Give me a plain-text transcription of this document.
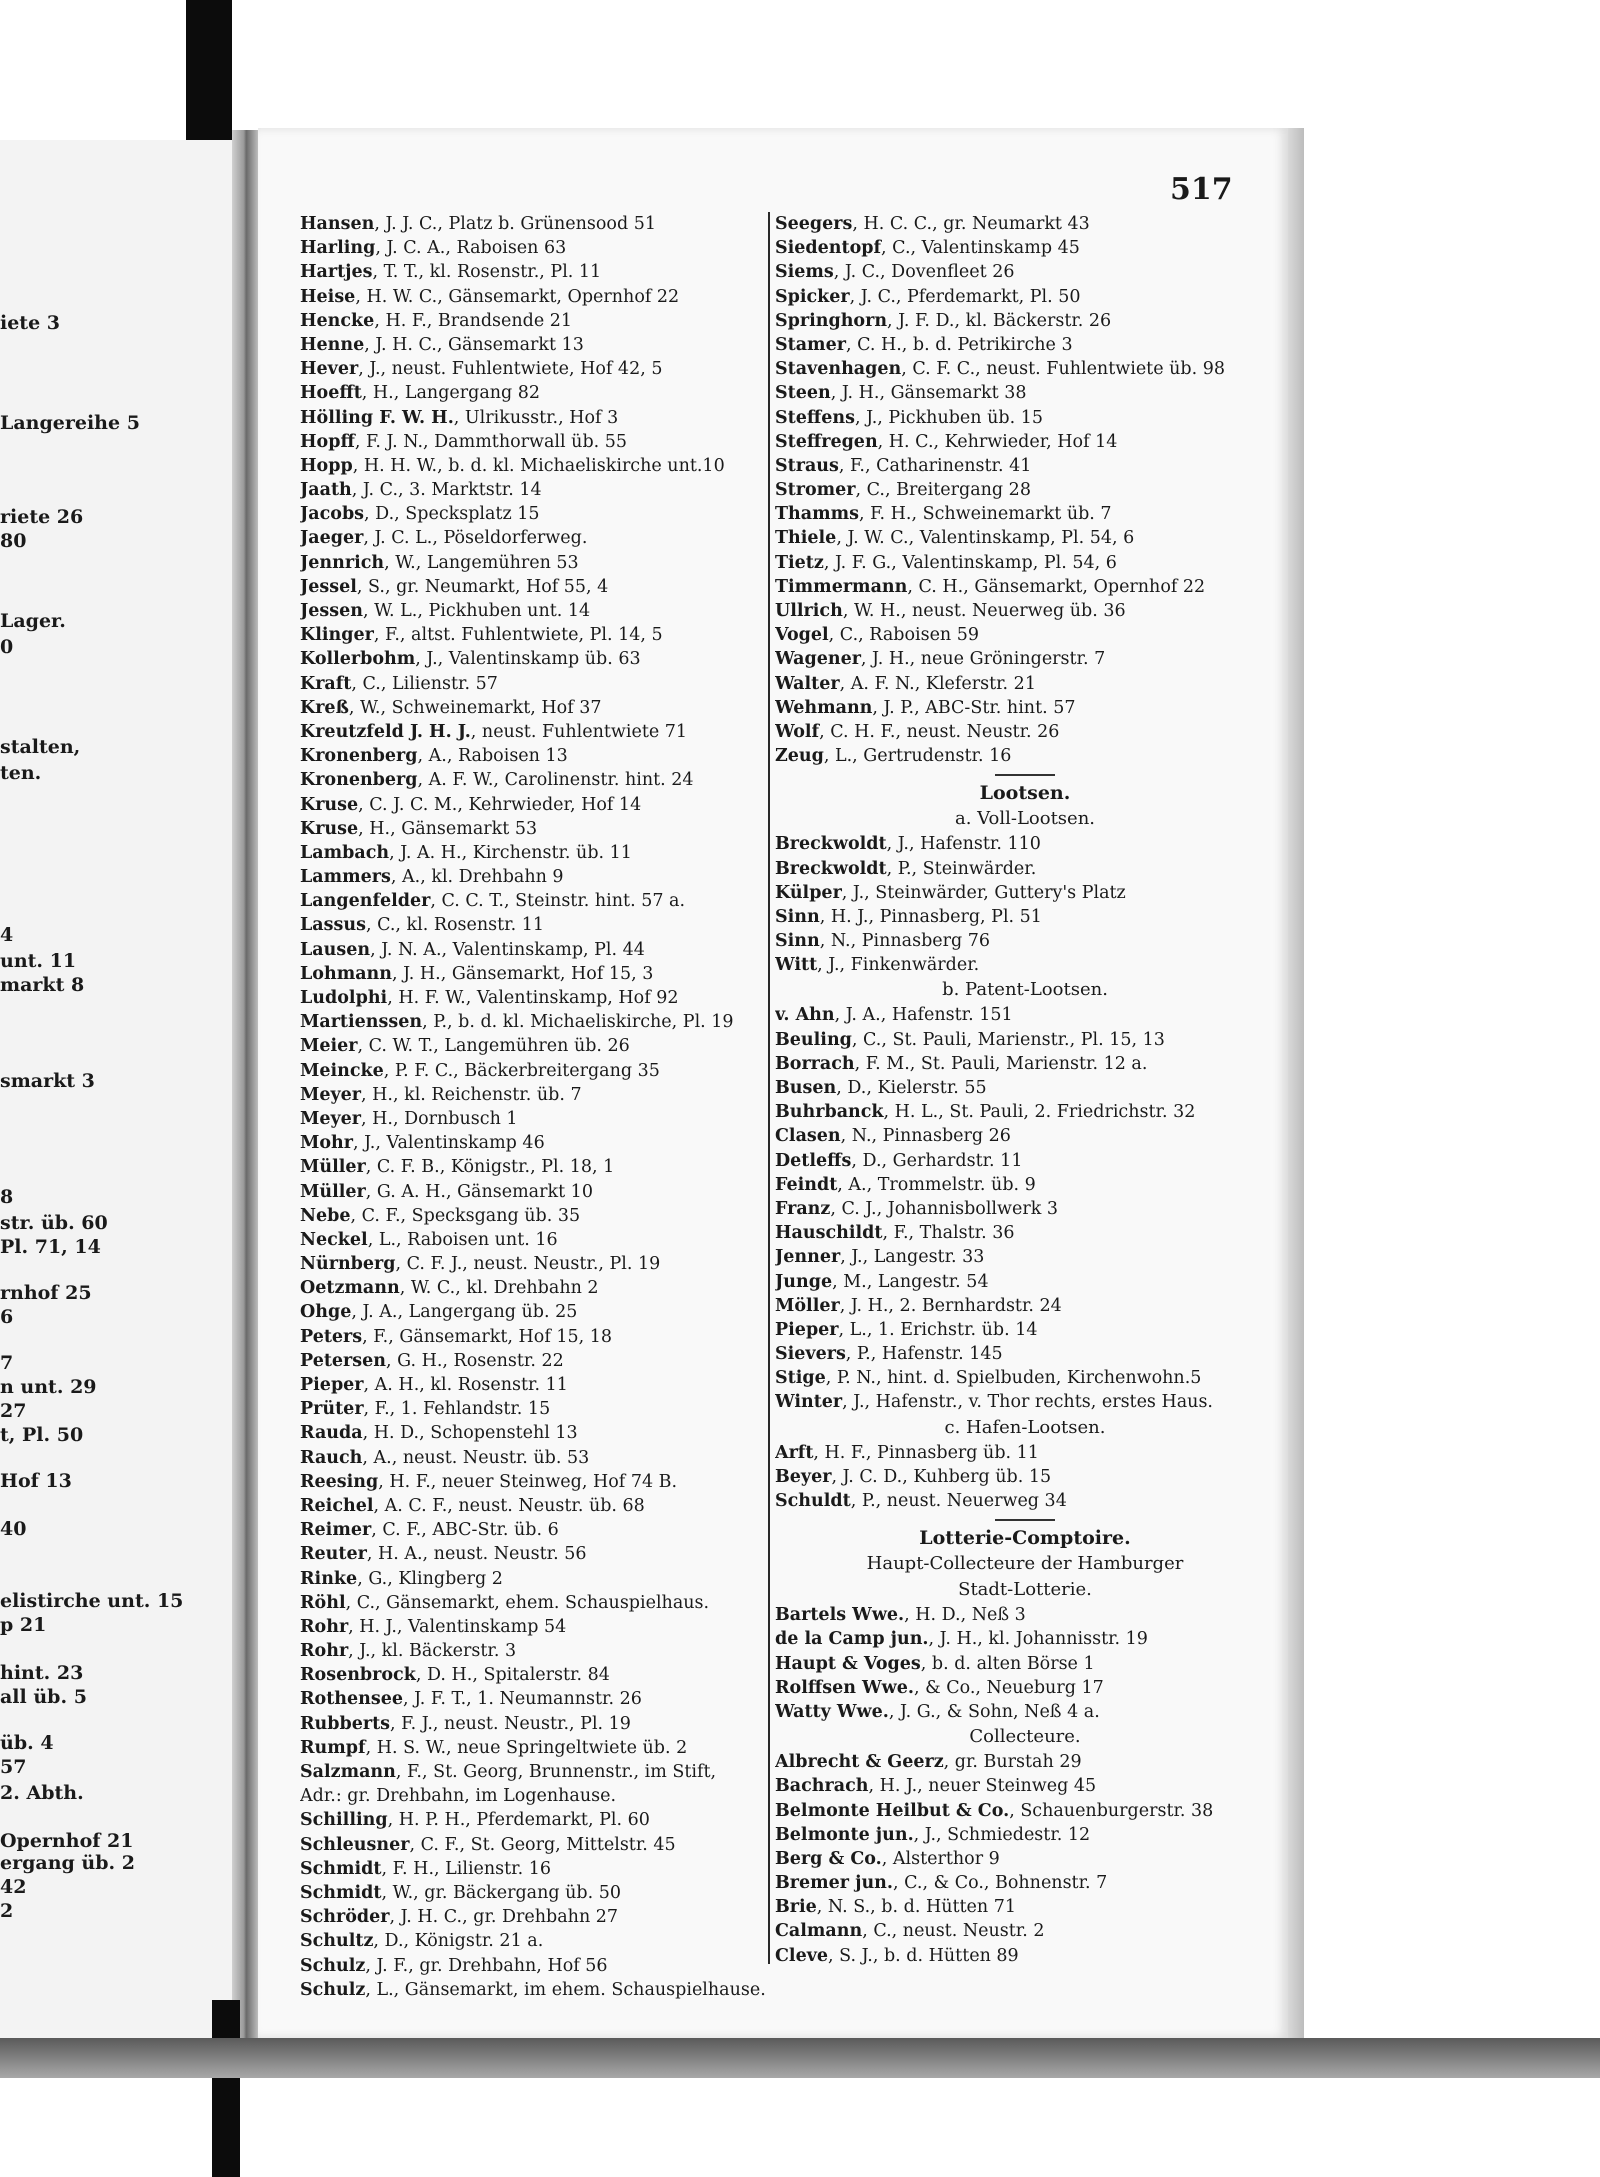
iete 3
Langereihe 5
riete 26
80
Lager.
0
stalten,
ten.
4
unt. 11
markt 8
smarkt 3
8
str. üb. 60
Pl. 71, 14
rnhof 25
6
7
n unt. 29
27
t, Pl. 50
Hof 13
40
elistirche unt. 15
p 21
hint. 23
all üb. 5
üb. 4
57
2. Abth.
Opernhof 21
ergang üb. 2
42
2
517
Hansen, J. J. C., Platz b. Grünensood 51
Harling, J. C. A., Raboisen 63
Hartjes, T. T., kl. Rosenstr., Pl. 11
Heise, H. W. C., Gänsemarkt, Opernhof 22
Hencke, H. F., Brandsende 21
Henne, J. H. C., Gänsemarkt 13
Hever, J., neust. Fuhlentwiete, Hof 42, 5
Hoefft, H., Langergang 82
Hölling F. W. H., Ulrikusstr., Hof 3
Hopff, F. J. N., Dammthorwall üb. 55
Hopp, H. H. W., b. d. kl. Michaeliskirche unt.10
Jaath, J. C., 3. Marktstr. 14
Jacobs, D., Specksplatz 15
Jaeger, J. C. L., Pöseldorferweg.
Jennrich, W., Langemühren 53
Jessel, S., gr. Neumarkt, Hof 55, 4
Jessen, W. L., Pickhuben unt. 14
Klinger, F., altst. Fuhlentwiete, Pl. 14, 5
Kollerbohm, J., Valentinskamp üb. 63
Kraft, C., Lilienstr. 57
Kreß, W., Schweinemarkt, Hof 37
Kreutzfeld J. H. J., neust. Fuhlentwiete 71
Kronenberg, A., Raboisen 13
Kronenberg, A. F. W., Carolinenstr. hint. 24
Kruse, C. J. C. M., Kehrwieder, Hof 14
Kruse, H., Gänsemarkt 53
Lambach, J. A. H., Kirchenstr. üb. 11
Lammers, A., kl. Drehbahn 9
Langenfelder, C. C. T., Steinstr. hint. 57 a.
Lassus, C., kl. Rosenstr. 11
Lausen, J. N. A., Valentinskamp, Pl. 44
Lohmann, J. H., Gänsemarkt, Hof 15, 3
Ludolphi, H. F. W., Valentinskamp, Hof 92
Martienssen, P., b. d. kl. Michaeliskirche, Pl. 19
Meier, C. W. T., Langemühren üb. 26
Meincke, P. F. C., Bäckerbreitergang 35
Meyer, H., kl. Reichenstr. üb. 7
Meyer, H., Dornbusch 1
Mohr, J., Valentinskamp 46
Müller, C. F. B., Königstr., Pl. 18, 1
Müller, G. A. H., Gänsemarkt 10
Nebe, C. F., Specksgang üb. 35
Neckel, L., Raboisen unt. 16
Nürnberg, C. F. J., neust. Neustr., Pl. 19
Oetzmann, W. C., kl. Drehbahn 2
Ohge, J. A., Langergang üb. 25
Peters, F., Gänsemarkt, Hof 15, 18
Petersen, G. H., Rosenstr. 22
Pieper, A. H., kl. Rosenstr. 11
Prüter, F., 1. Fehlandstr. 15
Rauda, H. D., Schopenstehl 13
Rauch, A., neust. Neustr. üb. 53
Reesing, H. F., neuer Steinweg, Hof 74 B.
Reichel, A. C. F., neust. Neustr. üb. 68
Reimer, C. F., ABC-Str. üb. 6
Reuter, H. A., neust. Neustr. 56
Rinke, G., Klingberg 2
Röhl, C., Gänsemarkt, ehem. Schauspielhaus.
Rohr, H. J., Valentinskamp 54
Rohr, J., kl. Bäckerstr. 3
Rosenbrock, D. H., Spitalerstr. 84
Rothensee, J. F. T., 1. Neumannstr. 26
Rubberts, F. J., neust. Neustr., Pl. 19
Rumpf, H. S. W., neue Springeltwiete üb. 2
Salzmann, F., St. Georg, Brunnenstr., im Stift,
Adr.: gr. Drehbahn, im Logenhause.
Schilling, H. P. H., Pferdemarkt, Pl. 60
Schleusner, C. F., St. Georg, Mittelstr. 45
Schmidt, F. H., Lilienstr. 16
Schmidt, W., gr. Bäckergang üb. 50
Schröder, J. H. C., gr. Drehbahn 27
Schultz, D., Königstr. 21 a.
Schulz, J. F., gr. Drehbahn, Hof 56
Schulz, L., Gänsemarkt, im ehem. Schauspielhause.
Seegers, H. C. C., gr. Neumarkt 43
Siedentopf, C., Valentinskamp 45
Siems, J. C., Dovenfleet 26
Spicker, J. C., Pferdemarkt, Pl. 50
Springhorn, J. F. D., kl. Bäckerstr. 26
Stamer, C. H., b. d. Petrikirche 3
Stavenhagen, C. F. C., neust. Fuhlentwiete üb. 98
Steen, J. H., Gänsemarkt 38
Steffens, J., Pickhuben üb. 15
Steffregen, H. C., Kehrwieder, Hof 14
Straus, F., Catharinenstr. 41
Stromer, C., Breitergang 28
Thamms, F. H., Schweinemarkt üb. 7
Thiele, J. W. C., Valentinskamp, Pl. 54, 6
Tietz, J. F. G., Valentinskamp, Pl. 54, 6
Timmermann, C. H., Gänsemarkt, Opernhof 22
Ullrich, W. H., neust. Neuerweg üb. 36
Vogel, C., Raboisen 59
Wagener, J. H., neue Gröningerstr. 7
Walter, A. F. N., Kleferstr. 21
Wehmann, J. P., ABC-Str. hint. 57
Wolf, C. H. F., neust. Neustr. 26
Zeug, L., Gertrudenstr. 16
Lootsen.
a. Voll-Lootsen.
Breckwoldt, J., Hafenstr. 110
Breckwoldt, P., Steinwärder.
Külper, J., Steinwärder, Guttery's Platz
Sinn, H. J., Pinnasberg, Pl. 51
Sinn, N., Pinnasberg 76
Witt, J., Finkenwärder.
b. Patent-Lootsen.
v. Ahn, J. A., Hafenstr. 151
Beuling, C., St. Pauli, Marienstr., Pl. 15, 13
Borrach, F. M., St. Pauli, Marienstr. 12 a.
Busen, D., Kielerstr. 55
Buhrbanck, H. L., St. Pauli, 2. Friedrichstr. 32
Clasen, N., Pinnasberg 26
Detleffs, D., Gerhardstr. 11
Feindt, A., Trommelstr. üb. 9
Franz, C. J., Johannisbollwerk 3
Hauschildt, F., Thalstr. 36
Jenner, J., Langestr. 33
Junge, M., Langestr. 54
Möller, J. H., 2. Bernhardstr. 24
Pieper, L., 1. Erichstr. üb. 14
Sievers, P., Hafenstr. 145
Stige, P. N., hint. d. Spielbuden, Kirchenwohn.5
Winter, J., Hafenstr., v. Thor rechts, erstes Haus.
c. Hafen-Lootsen.
Arft, H. F., Pinnasberg üb. 11
Beyer, J. C. D., Kuhberg üb. 15
Schuldt, P., neust. Neuerweg 34
Lotterie-Comptoire.
Haupt-Collecteure der Hamburger
Stadt-Lotterie.
Bartels Wwe., H. D., Neß 3
de la Camp jun., J. H., kl. Johannisstr. 19
Haupt & Voges, b. d. alten Börse 1
Rolffsen Wwe., & Co., Neueburg 17
Watty Wwe., J. G., & Sohn, Neß 4 a.
Collecteure.
Albrecht & Geerz, gr. Burstah 29
Bachrach, H. J., neuer Steinweg 45
Belmonte Heilbut & Co., Schauenburgerstr. 38
Belmonte jun., J., Schmiedestr. 12
Berg & Co., Alsterthor 9
Bremer jun., C., & Co., Bohnenstr. 7
Brie, N. S., b. d. Hütten 71
Calmann, C., neust. Neustr. 2
Cleve, S. J., b. d. Hütten 89
